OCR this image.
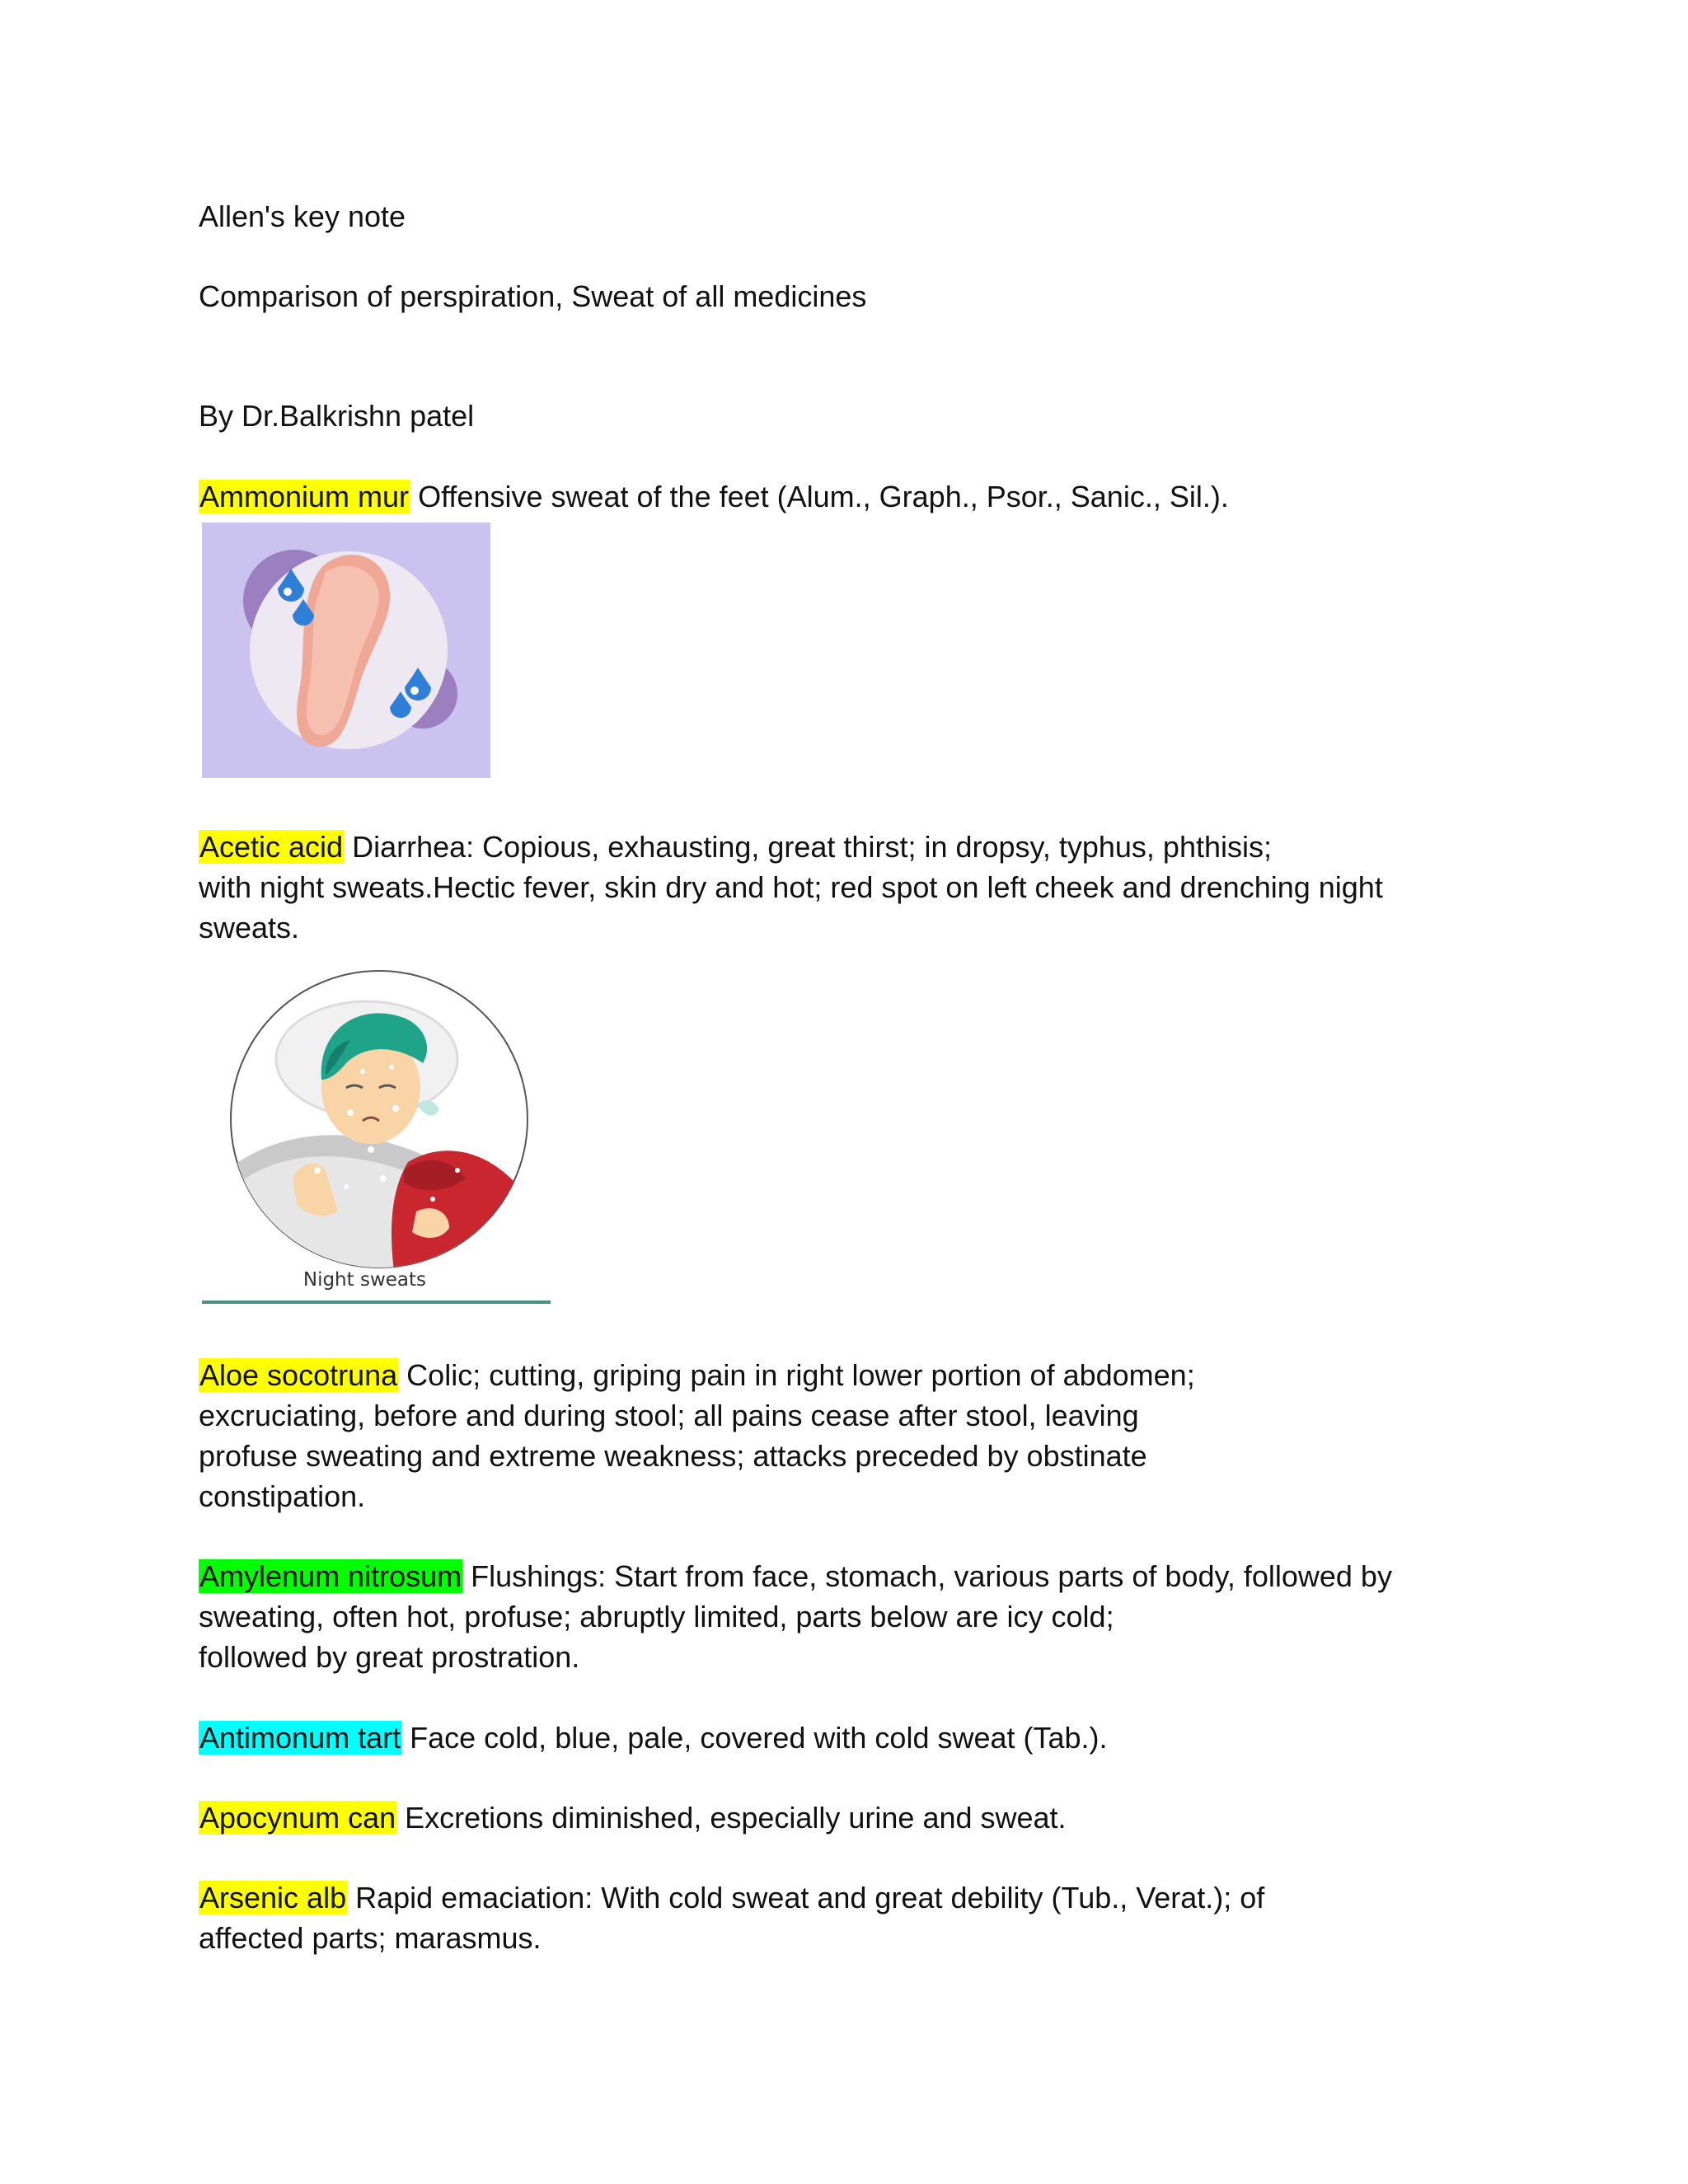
Allen's key note
Comparison of perspiration, Sweat of all medicines
By Dr.Balkrishn patel
Ammonium mur Offensive sweat of the feet (Alum., Graph., Psor., Sanic., Sil.).
Acetic acid Diarrhea: Copious, exhausting, great thirst; in dropsy, typhus, phthisis;
with night sweats.Hectic fever, skin dry and hot; red spot on left cheek and drenching night
sweats.
Night sweats
Aloe socotruna Colic; cutting, griping pain in right lower portion of abdomen;
excruciating, before and during stool; all pains cease after stool, leaving
profuse sweating and extreme weakness; attacks preceded by obstinate
constipation.
Amylenum nitrosum Flushings: Start from face, stomach, various parts of body, followed by
sweating, often hot, profuse; abruptly limited, parts below are icy cold;
followed by great prostration.
Antimonum tart Face cold, blue, pale, covered with cold sweat (Tab.).
Apocynum can Excretions diminished, especially urine and sweat.
Arsenic alb Rapid emaciation: With cold sweat and great debility (Tub., Verat.); of
affected parts; marasmus.
